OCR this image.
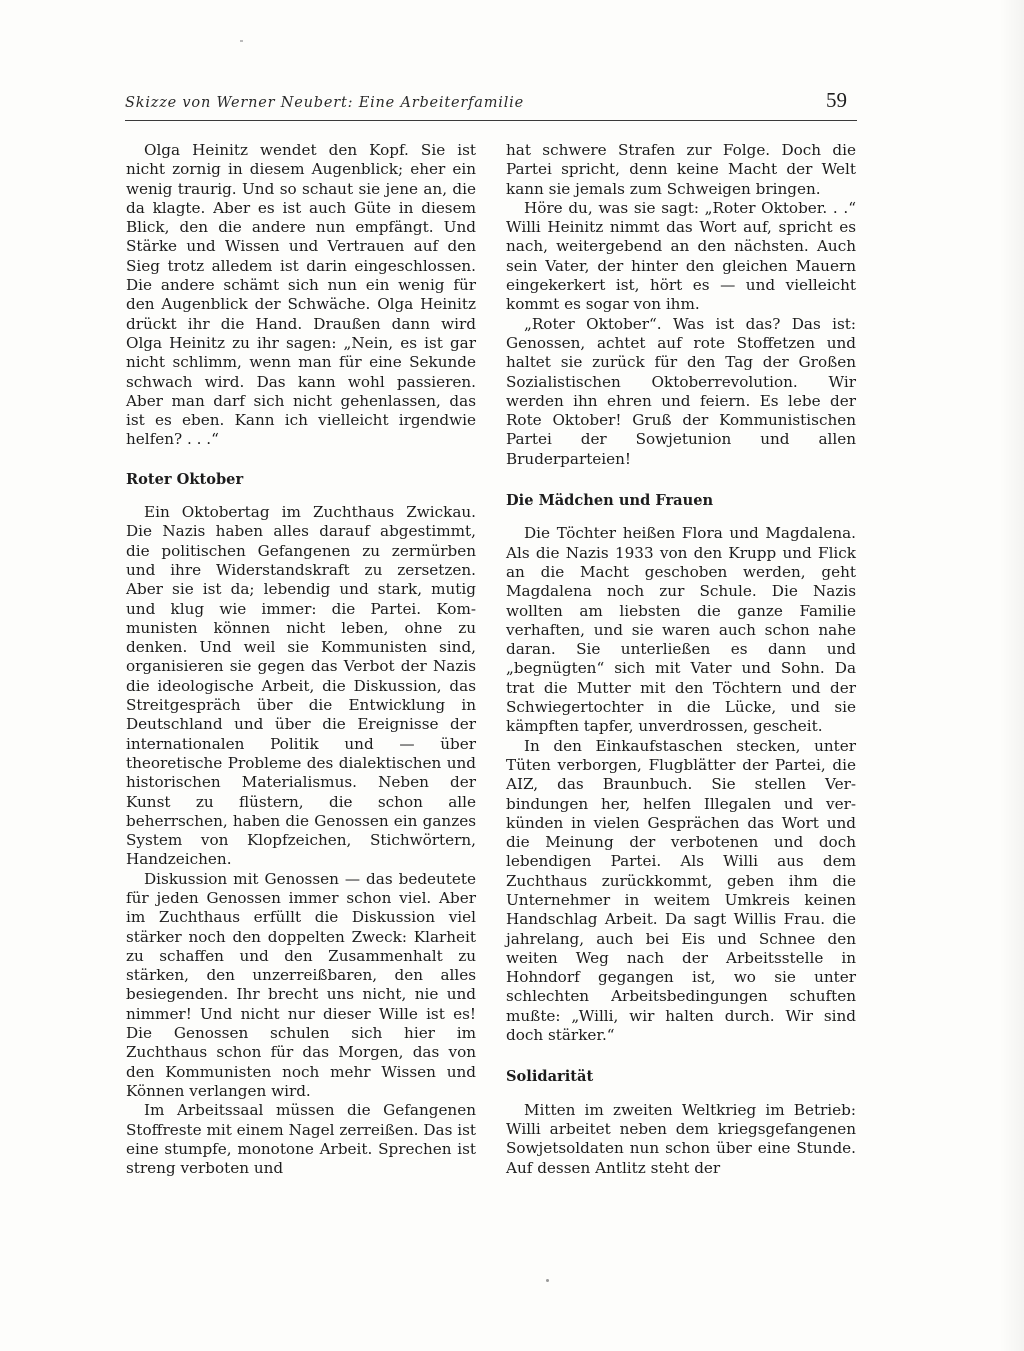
Skizze von Werner Neubert: Eine Arbeiterfamilie	59

Olga Heinitz wendet den Kopf. Sie ist nicht zornig in diesem Augenblick; eher ein wenig traurig. Und so schaut sie jene an, die da klagte. Aber es ist auch Güte in diesem Blick, den die andere nun empfängt. Und Stärke und Wissen und Vertrauen auf den Sieg trotz alledem ist darin eingeschlossen. Die andere schämt sich nun ein wenig für den Augenblick der Schwäche. Olga Heinitz drückt ihr die Hand. Draußen dann wird Olga Heinitz zu ihr sagen: „Nein, es ist gar nicht schlimm, wenn man für eine Sekunde schwach wird. Das kann wohl passieren. Aber man darf sich nicht gehenlassen, das ist es eben. Kann ich vielleicht irgendwie helfen? . . .“

Roter Oktober

Ein Oktobertag im Zuchthaus Zwickau. Die Nazis haben alles darauf abgestimmt, die politischen Gefangenen zu zermürben und ihre Widerstandskraft zu zersetzen. Aber sie ist da; lebendig und stark, mutig und klug wie immer: die Partei. Kommunisten können nicht leben, ohne zu denken. Und weil sie Kommunisten sind, organisieren sie gegen das Verbot der Nazis die ideologische Arbeit, die Diskussion, das Streitgespräch über die Entwicklung in Deutschland und über die Ereignisse der internationalen Politik und — über theoretische Probleme des dialektischen und historischen Materialismus. Neben der Kunst zu flüstern, die schon alle beherrschen, haben die Genossen ein ganzes System von Klopfzeichen, Stichwörtern, Handzeichen.

Diskussion mit Genossen — das bedeutete für jeden Genossen immer schon viel. Aber im Zuchthaus erfüllt die Diskussion viel stärker noch den doppelten Zweck: Klarheit zu schaffen und den Zusammenhalt zu stärken, den unzerreißbaren, den alles besiegenden. Ihr brecht uns nicht, nie und nimmer! Und nicht nur dieser Wille ist es! Die Genossen schulen sich hier im Zuchthaus schon für das Morgen, das von den Kommunisten noch mehr Wissen und Können verlangen wird.

Im Arbeitssaal müssen die Gefangenen Stoffreste mit einem Nagel zerreißen. Das ist eine stumpfe, monotone Arbeit. Sprechen ist streng verboten und

hat schwere Strafen zur Folge. Doch die Partei spricht, denn keine Macht der Welt kann sie jemals zum Schweigen bringen.

Höre du, was sie sagt: „Roter Oktober. . .“ Willi Heinitz nimmt das Wort auf, spricht es nach, weitergebend an den nächsten. Auch sein Vater, der hinter den gleichen Mauern eingekerkert ist, hört es — und vielleicht kommt es sogar von ihm.

„Roter Oktober“. Was ist das? Das ist: Genossen, achtet auf rote Stoffetzen und haltet sie zurück für den Tag der Großen Sozialistischen Oktoberrevolution. Wir werden ihn ehren und feiern. Es lebe der Rote Oktober! Gruß der Kommunistischen Partei der Sowjetunion und allen Bruderparteien!

Die Mädchen und Frauen

Die Töchter heißen Flora und Magdalena. Als die Nazis 1933 von den Krupp und Flick an die Macht geschoben werden, geht Magdalena noch zur Schule. Die Nazis wollten am liebsten die ganze Familie verhaften, und sie waren auch schon nahe daran. Sie unterließen es dann und „begnügten“ sich mit Vater und Sohn. Da trat die Mutter mit den Töchtern und der Schwiegertochter in die Lücke, und sie kämpften tapfer, unverdrossen, gescheit.

In den Einkaufstaschen stecken, unter Tüten verborgen, Flugblätter der Partei, die AIZ, das Braunbuch. Sie stellen Verbindungen her, helfen Illegalen und verkünden in vielen Gesprächen das Wort und die Meinung der verbotenen und doch lebendigen Partei. Als Willi aus dem Zuchthaus zurückkommt, geben ihm die Unternehmer in weitem Umkreis keinen Handschlag Arbeit. Da sagt Willis Frau. die jahrelang, auch bei Eis und Schnee den weiten Weg nach der Arbeitsstelle in Hohndorf gegangen ist, wo sie unter schlechten Arbeitsbedingungen schuften mußte: „Willi, wir halten durch. Wir sind doch stärker.“

Solidarität

Mitten im zweiten Weltkrieg im Betrieb: Willi arbeitet neben dem kriegsgefangenen Sowjetsoldaten nun schon über eine Stunde. Auf dessen Antlitz steht der
